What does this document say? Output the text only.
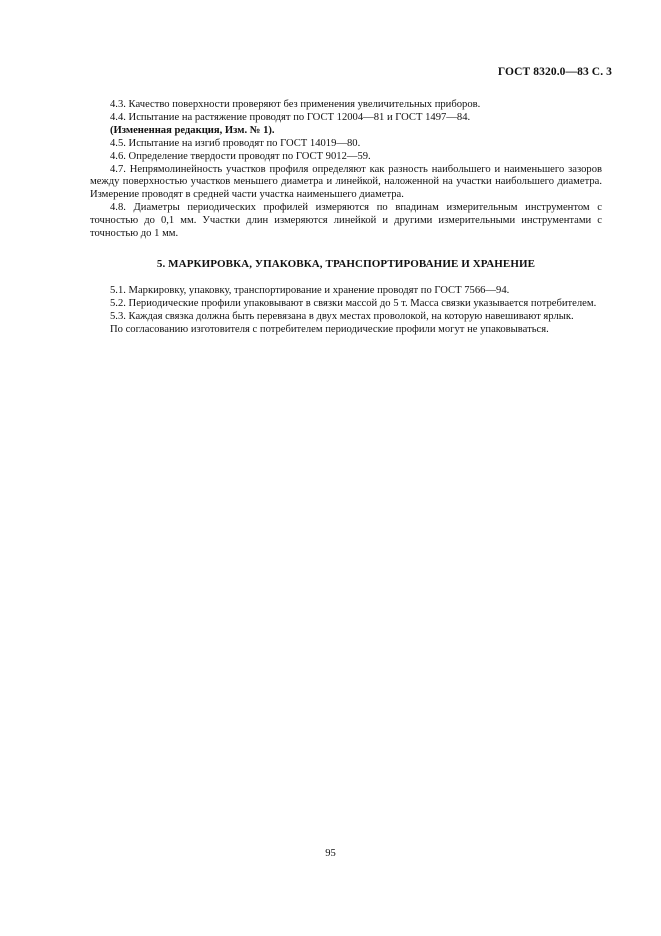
ГОСТ 8320.0—83 С. 3

4.3. Качество поверхности проверяют без применения увеличительных приборов.

4.4. Испытание на растяжение проводят по ГОСТ 12004—81 и ГОСТ 1497—84.

(Измененная редакция, Изм. № 1).

4.5. Испытание на изгиб проводят по ГОСТ 14019—80.

4.6. Определение твердости проводят по ГОСТ 9012—59.

4.7. Непрямолинейность участков профиля определяют как разность наибольшего и наименьшего зазоров между поверхностью участков меньшего диаметра и линейкой, наложенной на участки наибольшего диаметра. Измерение проводят в средней части участка наименьшего диаметра.

4.8. Диаметры периодических профилей измеряются по впадинам измерительным инструментом с точностью до 0,1 мм. Участки длин измеряются линейкой и другими измерительными инструментами с точностью до 1 мм.

5. МАРКИРОВКА, УПАКОВКА, ТРАНСПОРТИРОВАНИЕ И ХРАНЕНИЕ

5.1. Маркировку, упаковку, транспортирование и хранение проводят по ГОСТ 7566—94.

5.2. Периодические профили упаковывают в связки массой до 5 т. Масса связки указывается потребителем.

5.3. Каждая связка должна быть перевязана в двух местах проволокой, на которую навешивают ярлык.

По согласованию изготовителя с потребителем периодические профили могут не упаковываться.

95
